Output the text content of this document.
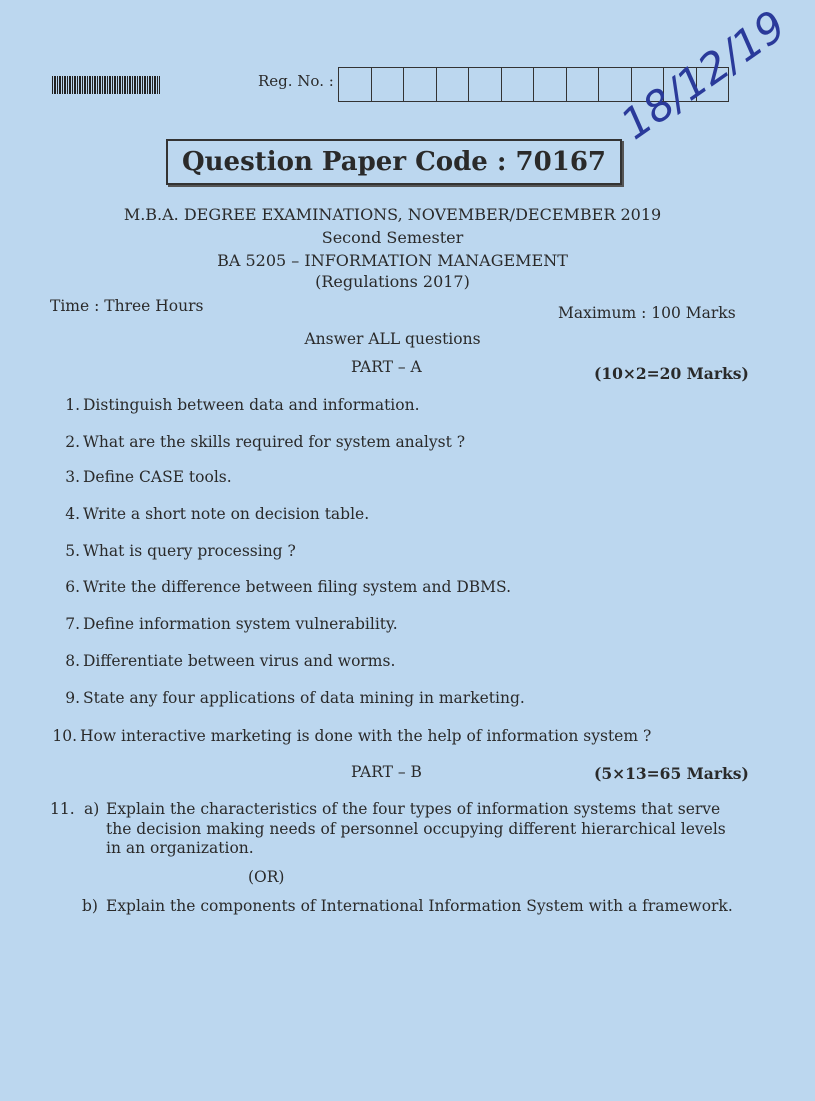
Reg. No. :
Question Paper Code : 70167
18/12/19
M.B.A. DEGREE EXAMINATIONS, NOVEMBER/DECEMBER 2019
Second Semester
BA 5205 – INFORMATION MANAGEMENT
(Regulations 2017)
Time : Three Hours	Maximum : 100 Marks
Answer ALL questions
PART – A	(10×2=20 Marks)
1. Distinguish between data and information.
2. What are the skills required for system analyst ?
3. Define CASE tools.
4. Write a short note on decision table.
5. What is query processing ?
6. Write the difference between filing system and DBMS.
7. Define information system vulnerability.
8. Differentiate between virus and worms.
9. State any four applications of data mining in marketing.
10. How interactive marketing is done with the help of information system ?
PART – B	(5×13=65 Marks)
11. a) Explain the characteristics of the four types of information systems that serve
the decision making needs of personnel occupying different hierarchical levels
in an organization.
(OR)
b) Explain the components of International Information System with a framework.
